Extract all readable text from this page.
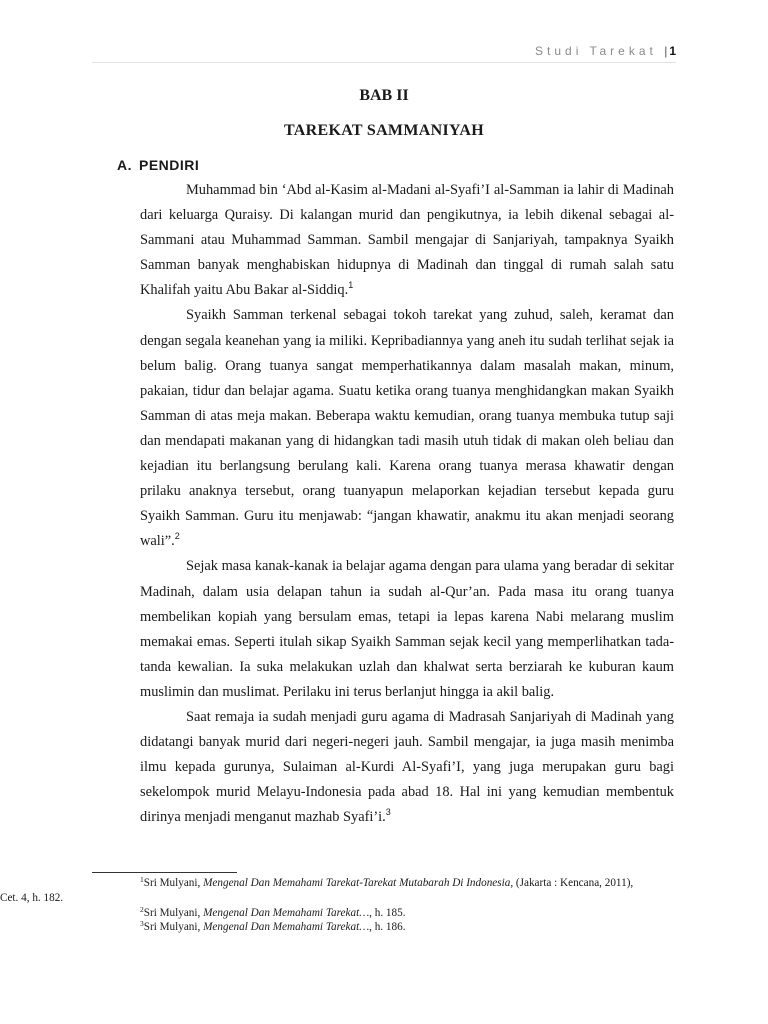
Studi Tarekat |1
BAB II
TAREKAT SAMMANIYAH
A. PENDIRI

Muhammad bin ‘Abd al-Kasim al-Madani al-Syafi’I al-Samman ia lahir di Madinah dari keluarga Quraisy. Di kalangan murid dan pengikutnya, ia lebih dikenal sebagai al-Sammani atau Muhammad Samman. Sambil mengajar di Sanjariyah, tampaknya Syaikh Samman banyak menghabiskan hidupnya di Madinah dan tinggal di rumah salah satu Khalifah yaitu Abu Bakar al-Siddiq.$^1$

Syaikh Samman terkenal sebagai tokoh tarekat yang zuhud, saleh, keramat dan dengan segala keanehan yang ia miliki. Kepribadiannya yang aneh itu sudah terlihat sejak ia belum balig. Orang tuanya sangat memperhatikannya dalam masalah makan, minum, pakaian, tidur dan belajar agama. Suatu ketika orang tuanya menghidangkan makan Syaikh Samman di atas meja makan. Beberapa waktu kemudian, orang tuanya membuka tutup saji dan mendapati makanan yang di hidangkan tadi masih utuh tidak di makan oleh beliau dan kejadian itu berlangsung berulang kali. Karena orang tuanya merasa khawatir dengan prilaku anaknya tersebut, orang tuanyapun melaporkan kejadian tersebut kepada guru Syaikh Samman. Guru itu menjawab: “jangan khawatir, anakmu itu akan menjadi seorang wali”.$^2$

Sejak masa kanak-kanak ia belajar agama dengan para ulama yang beradar di sekitar Madinah, dalam usia delapan tahun ia sudah al-Qur’an. Pada masa itu orang tuanya membelikan kopiah yang bersulam emas, tetapi ia lepas karena Nabi melarang muslim memakai emas. Seperti itulah sikap Syaikh Samman sejak kecil yang memperlihatkan tada-tanda kewalian. Ia suka melakukan uzlah dan khalwat serta berziarah ke kuburan kaum muslimin dan muslimat. Perilaku ini terus berlanjut hingga ia akil balig.

Saat remaja ia sudah menjadi guru agama di Madrasah Sanjariyah di Madinah yang didatangi banyak murid dari negeri-negeri jauh. Sambil mengajar, ia juga masih menimba ilmu kepada gurunya, Sulaiman al-Kurdi Al-Syafi’I, yang juga merupakan guru bagi sekelompok murid Melayu-Indonesia pada abad 18. Hal ini yang kemudian membentuk dirinya menjadi menganut mazhab Syafi’i.$^3$

$^1$Sri Mulyani, Mengenal Dan Memahami Tarekat-Tarekat Mutabarah Di Indonesia, (Jakarta : Kencana, 2011), Cet. 4, h. 182.

$^2$Sri Mulyani, Mengenal Dan Memahami Tarekat…, h. 185.

$^3$Sri Mulyani, Mengenal Dan Memahami Tarekat…, h. 186.
